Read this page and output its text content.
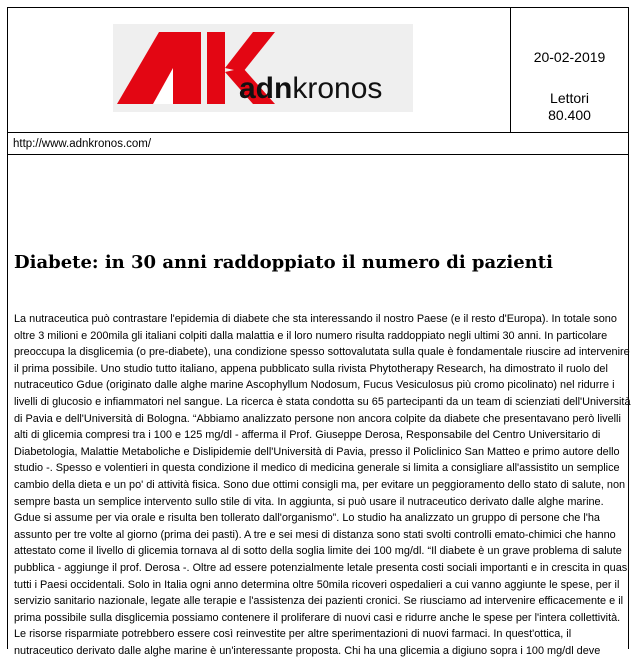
adnkronos
20-02-2019
Lettori
80.400
http://www.adnkronos.com/
Diabete: in 30 anni raddoppiato il numero di pazienti
La nutraceutica può contrastare l'epidemia di diabete che sta interessando il nostro Paese (e il resto d'Europa). In totale sono
oltre 3 milioni e 200mila gli italiani colpiti dalla malattia e il loro numero risulta raddoppiato negli ultimi 30 anni. In particolare
preoccupa la disglicemia (o pre-diabete), una condizione spesso sottovalutata sulla quale è fondamentale riuscire ad intervenire
il prima possibile. Uno studio tutto italiano, appena pubblicato sulla rivista Phytotherapy Research, ha dimostrato il ruolo del
nutraceutico Gdue (originato dalle alghe marine Ascophyllum Nodosum, Fucus Vesiculosus più cromo picolinato) nel ridurre i
livelli di glucosio e infiammatori nel sangue. La ricerca è stata condotta su 65 partecipanti da un team di scienziati dell'Università
di Pavia e dell'Università di Bologna. “Abbiamo analizzato persone non ancora colpite da diabete che presentavano però livelli
alti di glicemia compresi tra i 100 e 125 mg/dl - afferma il Prof. Giuseppe Derosa, Responsabile del Centro Universitario di
Diabetologia, Malattie Metaboliche e Dislipidemie dell'Università di Pavia, presso il Policlinico San Matteo e primo autore dello
studio -. Spesso e volentieri in questa condizione il medico di medicina generale si limita a consigliare all'assistito un semplice
cambio della dieta e un po' di attività fisica. Sono due ottimi consigli ma, per evitare un peggioramento dello stato di salute, non
sempre basta un semplice intervento sullo stile di vita. In aggiunta, si può usare il nutraceutico derivato dalle alghe marine.
Gdue si assume per via orale e risulta ben tollerato dall'organismo”. Lo studio ha analizzato un gruppo di persone che l'ha
assunto per tre volte al giorno (prima dei pasti). A tre e sei mesi di distanza sono stati svolti controlli emato-chimici che hanno
attestato come il livello di glicemia tornava al di sotto della soglia limite dei 100 mg/dl. “Il diabete è un grave problema di salute
pubblica - aggiunge il prof. Derosa -. Oltre ad essere potenzialmente letale presenta costi sociali importanti e in crescita in quasi
tutti i Paesi occidentali. Solo in Italia ogni anno determina oltre 50mila ricoveri ospedalieri a cui vanno aggiunte le spese, per il
servizio sanitario nazionale, legate alle terapie e l'assistenza dei pazienti cronici. Se riusciamo ad intervenire efficacemente e il
prima possibile sulla disglicemia possiamo contenere il proliferare di nuovi casi e ridurre anche le spese per l'intera collettività.
Le risorse risparmiate potrebbero essere così reinvestite per altre sperimentazioni di nuovi farmaci. In quest'ottica, il
nutraceutico derivato dalle alghe marine è un'interessante proposta. Chi ha una glicemia a digiuno sopra i 100 mg/dl deve
